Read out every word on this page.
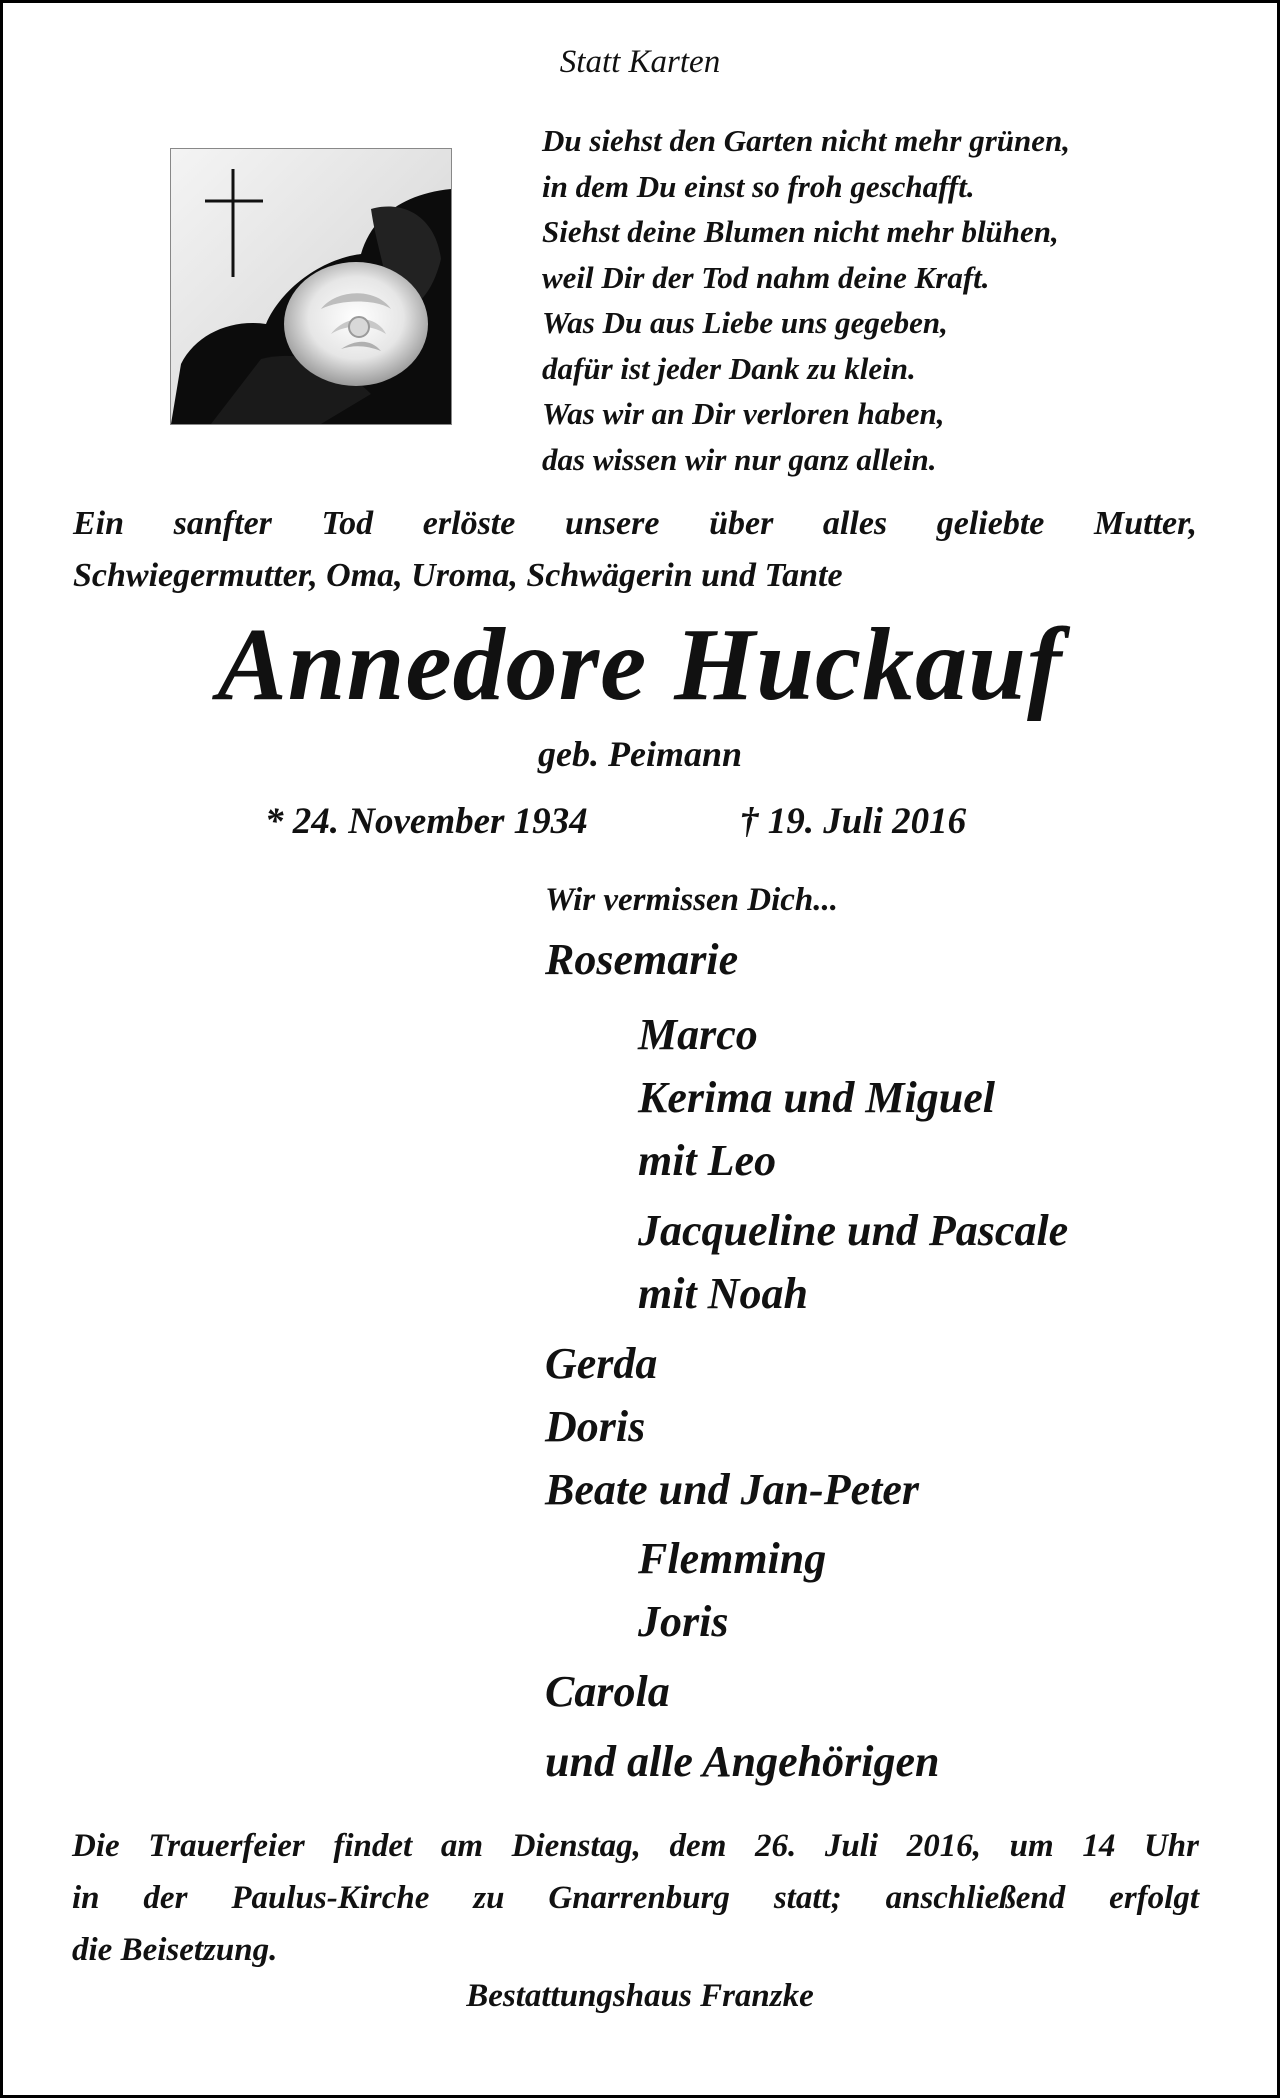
Statt Karten

Du siehst den Garten nicht mehr grünen,
in dem Du einst so froh geschafft.
Siehst deine Blumen nicht mehr blühen,
weil Dir der Tod nahm deine Kraft.
Was Du aus Liebe uns gegeben,
dafür ist jeder Dank zu klein.
Was wir an Dir verloren haben,
das wissen wir nur ganz allein.
Ein sanfter Tod erlöste unsere über alles geliebte Mutter,
Schwiegermutter, Oma, Uroma, Schwägerin und Tante
Annedore Huckauf

geb. Peimann

* 24. November 1934	† 19. Juli 2016

Wir vermissen Dich...

Rosemarie

Marco

Kerima und Miguel

mit Leo

Jacqueline und Pascale

mit Noah

Gerda

Doris

Beate und Jan-Peter

Flemming

Joris

Carola

und alle Angehörigen

Die Trauerfeier findet am Dienstag, dem 26. Juli 2016, um 14 Uhr
in der Paulus-Kirche zu Gnarrenburg statt; anschließend erfolgt
die Beisetzung.

Bestattungshaus Franzke
